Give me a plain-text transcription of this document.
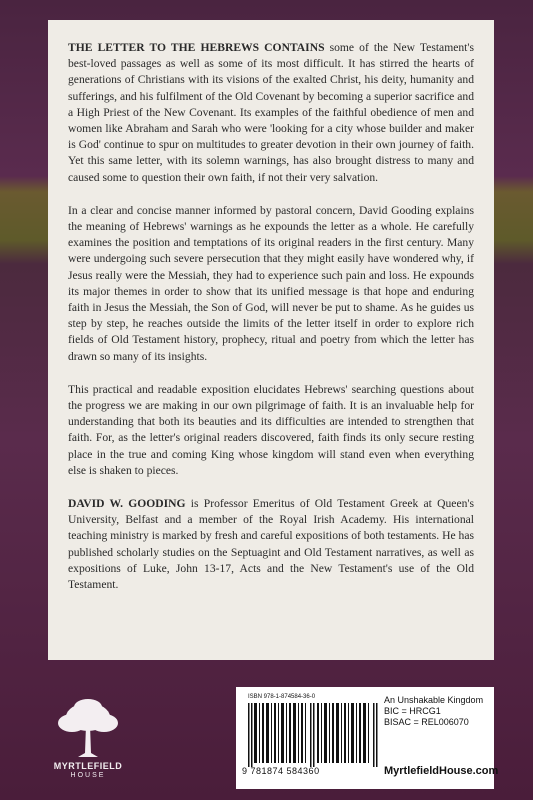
THE LETTER TO THE HEBREWS CONTAINS some of the New Testament's best-loved passages as well as some of its most difficult. It has stirred the hearts of generations of Christians with its visions of the exalted Christ, his deity, humanity and sufferings, and his fulfilment of the Old Covenant by becoming a superior sacrifice and a High Priest of the New Covenant. Its examples of the faithful obedience of men and women like Abraham and Sarah who were 'looking for a city whose builder and maker is God' continue to spur on multitudes to greater devotion in their own journey of faith. Yet this same letter, with its solemn warnings, has also brought distress to many and caused some to question their own faith, if not their very salvation.

In a clear and concise manner informed by pastoral concern, David Gooding explains the meaning of Hebrews' warnings as he expounds the letter as a whole. He carefully examines the position and temptations of its original readers in the first century. Many were undergoing such severe persecution that they might easily have wondered why, if Jesus really were the Messiah, they had to experience such pain and loss. He expounds its major themes in order to show that its unified message is that hope and enduring faith in Jesus the Messiah, the Son of God, will never be put to shame. As he guides us step by step, he reaches outside the limits of the letter itself in order to explore rich fields of Old Testament history, prophecy, ritual and poetry from which the letter has drawn so many of its insights.

This practical and readable exposition elucidates Hebrews' searching questions about the progress we are making in our own pilgrimage of faith. It is an invaluable help for understanding that both its beauties and its difficulties are intended to strengthen that faith. For, as the letter's original readers discovered, faith finds its only secure resting place in the true and coming King whose kingdom will stand even when everything else is shaken to pieces.

DAVID W. GOODING is Professor Emeritus of Old Testament Greek at Queen's University, Belfast and a member of the Royal Irish Academy. His international teaching ministry is marked by fresh and careful expositions of both testaments. He has published scholarly studies on the Septuagint and Old Testament narratives, as well as expositions of Luke, John 13-17, Acts and the New Testament's use of the Old Testament.

MYRTLEFIELD
HOUSE
ISBN 978-1-874584-36-0
9 781874 584360
An Unshakable Kingdom
BIC = HRCG1
BISAC = REL006070
MyrtlefieldHouse.com
